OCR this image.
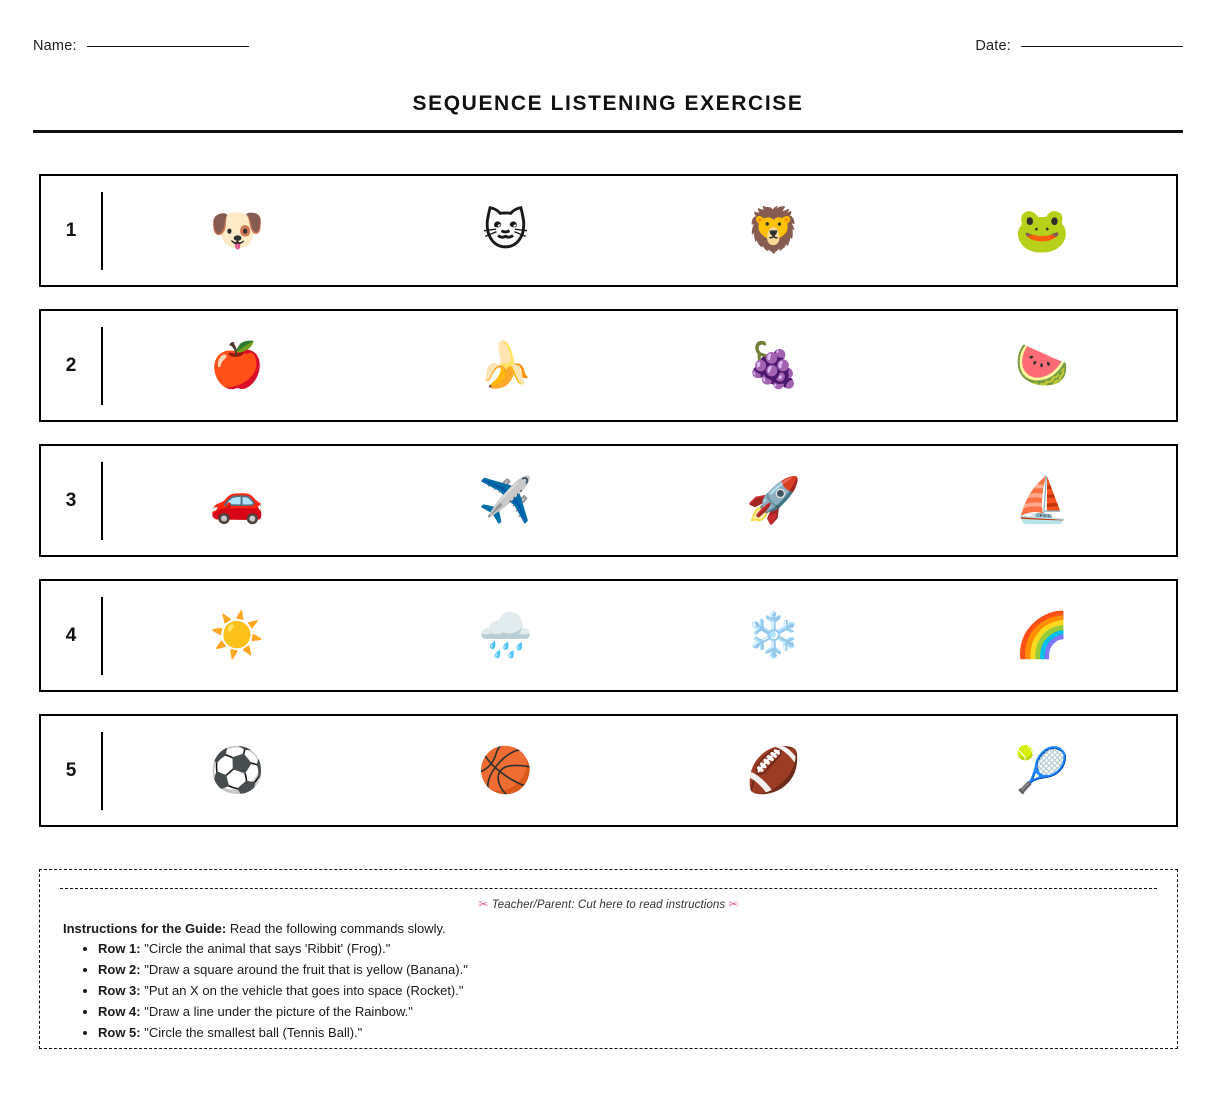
Name:	Date:
SEQUENCE LISTENING EXERCISE
1	🐶	🐱	🦁	🐸
2	🍎	🍌	🍇	🍉
3	🚗	✈️	🚀	⛵
4	☀️	🌧️	❄️	🌈
5	⚽	🏀	🏈	🎾
✂ Teacher/Parent: Cut here to read instructions ✂
Instructions for the Guide: Read the following commands slowly.
• Row 1: "Circle the animal that says 'Ribbit' (Frog)."
• Row 2: "Draw a square around the fruit that is yellow (Banana)."
• Row 3: "Put an X on the vehicle that goes into space (Rocket)."
• Row 4: "Draw a line under the picture of the Rainbow."
• Row 5: "Circle the smallest ball (Tennis Ball)."
